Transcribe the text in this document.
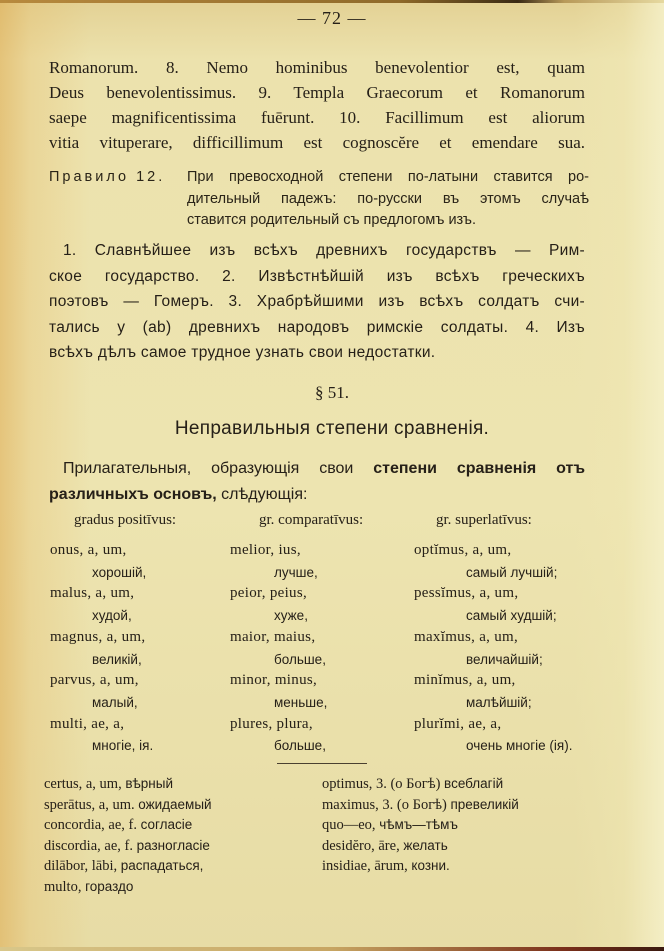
— 72 —
Romanorum. 8. Nemo hominibus benevolentior est, quam
Deus benevolentissimus. 9. Templa Graecorum et Romanorum
saepe magnificentissima fuērunt. 10. Facillimum est aliorum
vitia vituperare, difficillimum est cognoscĕre et emendare sua.
Правило 12. При превосходной степени по-латыни ставится ро-
дительный падежъ: по-русски въ этомъ случаѣ
ставится родительный съ предлогомъ изъ.
1. Славнѣйшее изъ всѣхъ древнихъ государствъ — Рим-
ское государство. 2. Извѣстнѣйшій изъ всѣхъ греческихъ
поэтовъ — Гомеръ. 3. Храбрѣйшими изъ всѣхъ солдатъ счи-
тались у (ab) древнихъ народовъ римскіе солдаты. 4. Изъ
всѣхъ дѣлъ самое трудное узнать свои недостатки.
§ 51.
Неправильныя степени сравненія.
Прилагательныя, образующія свои степени сравненія отъ
различныхъ основъ, слѣдующія:
gradus positīvus:	gr. comparatīvus:	gr. superlatīvus:
onus, a, um,
хорошій,
malus, a, um,
худой,
magnus, a, um,
великій,
parvus, a, um,
малый,
multi, ae, a,
многіе, ія.
melior, ius,
лучше,
peior, peius,
хуже,
maior, maius,
больше,
minor, minus,
меньше,
plures, plura,
больше,
optĭmus, a, um,
самый лучшій;
pessĭmus, a, um,
самый худшій;
maxĭmus, a, um,
величайшій;
minĭmus, a, um,
малѣйшій;
plurĭmi, ae, a,
очень многіе (ія).
certus, a, um, вѣрный
sperātus, a, um. ожидаемый
concordia, ae, f. согласіе
discordia, ae, f. разногласіе
dilābor, lābi, распадаться,
multo, гораздо
optimus, 3. (о Богѣ) всеблагій
maximus, 3. (о Богѣ) превеликій
quo—eo, чѣмъ—тѣмъ
desidĕro, āre, желать
insidiae, ārum, козни.
